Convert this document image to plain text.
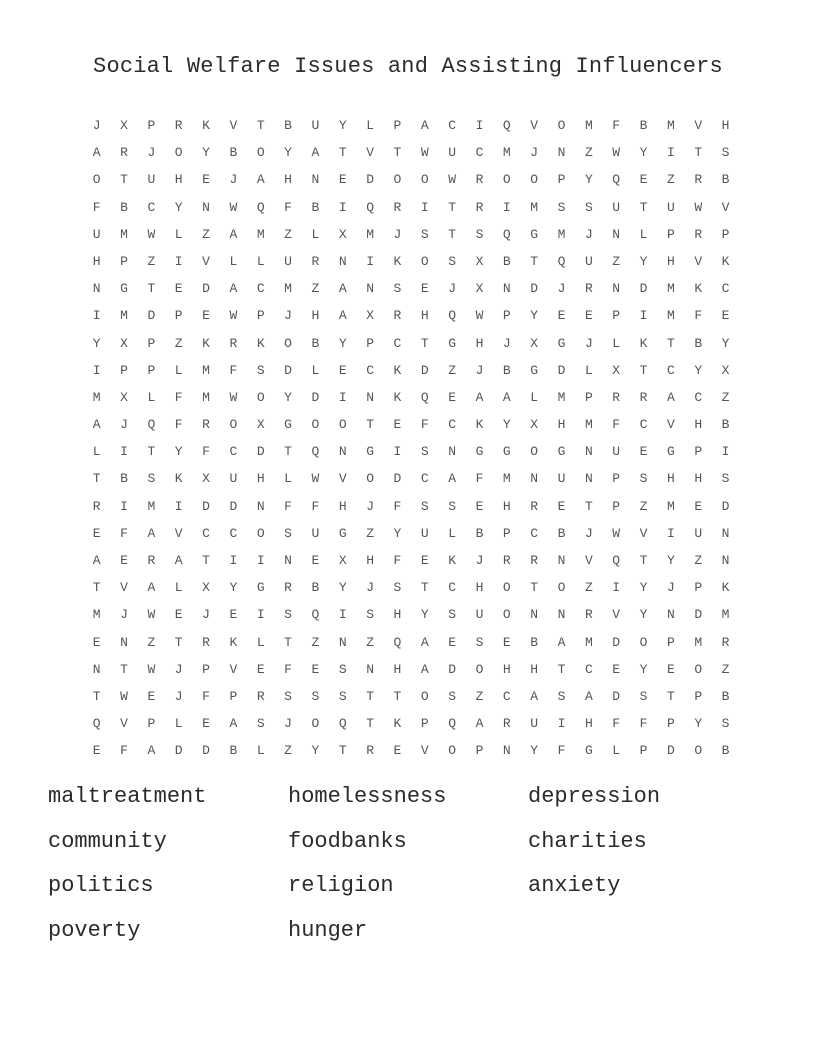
Social Welfare Issues and Assisting Influencers
J	X	P	R	K	V	T	B	U	Y	L	P	A	C	I	Q	V	O	M	F	B	M	V	H
A	R	J	O	Y	B	O	Y	A	T	V	T	W	U	C	M	J	N	Z	W	Y	I	T	S
O	T	U	H	E	J	A	H	N	E	D	O	O	W	R	O	O	P	Y	Q	E	Z	R	B
F	B	C	Y	N	W	Q	F	B	I	Q	R	I	T	R	I	M	S	S	U	T	U	W	V
U	M	W	L	Z	A	M	Z	L	X	M	J	S	T	S	Q	G	M	J	N	L	P	R	P
H	P	Z	I	V	L	L	U	R	N	I	K	O	S	X	B	T	Q	U	Z	Y	H	V	K
N	G	T	E	D	A	C	M	Z	A	N	S	E	J	X	N	D	J	R	N	D	M	K	C
I	M	D	P	E	W	P	J	H	A	X	R	H	Q	W	P	Y	E	E	P	I	M	F	E
Y	X	P	Z	K	R	K	O	B	Y	P	C	T	G	H	J	X	G	J	L	K	T	B	Y
I	P	P	L	M	F	S	D	L	E	C	K	D	Z	J	B	G	D	L	X	T	C	Y	X
M	X	L	F	M	W	O	Y	D	I	N	K	Q	E	A	A	L	M	P	R	R	A	C	Z
A	J	Q	F	R	O	X	G	O	O	T	E	F	C	K	Y	X	H	M	F	C	V	H	B
L	I	T	Y	F	C	D	T	Q	N	G	I	S	N	G	G	O	G	N	U	E	G	P	I
T	B	S	K	X	U	H	L	W	V	O	D	C	A	F	M	N	U	N	P	S	H	H	S
R	I	M	I	D	D	N	F	F	H	J	F	S	S	E	H	R	E	T	P	Z	M	E	D
E	F	A	V	C	C	O	S	U	G	Z	Y	U	L	B	P	C	B	J	W	V	I	U	N
A	E	R	A	T	I	I	N	E	X	H	F	E	K	J	R	R	N	V	Q	T	Y	Z	N
T	V	A	L	X	Y	G	R	B	Y	J	S	T	C	H	O	T	O	Z	I	Y	J	P	K
M	J	W	E	J	E	I	S	Q	I	S	H	Y	S	U	O	N	N	R	V	Y	N	D	M
E	N	Z	T	R	K	L	T	Z	N	Z	Q	A	E	S	E	B	A	M	D	O	P	M	R
N	T	W	J	P	V	E	F	E	S	N	H	A	D	O	H	H	T	C	E	Y	E	O	Z
T	W	E	J	F	P	R	S	S	S	T	T	O	S	Z	C	A	S	A	D	S	T	P	B
Q	V	P	L	E	A	S	J	O	Q	T	K	P	Q	A	R	U	I	H	F	F	P	Y	S
E	F	A	D	D	B	L	Z	Y	T	R	E	V	O	P	N	Y	F	G	L	P	D	O	B
maltreatment	homelessness	depression
community	foodbanks	charities
politics	religion	anxiety
poverty	hunger
